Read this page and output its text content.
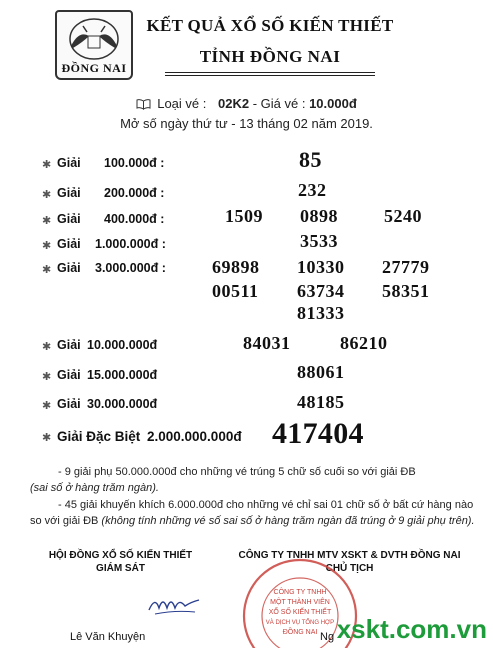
ĐỒNG NAI
KẾT QUẢ XỔ SỐ KIẾN THIẾT
TỈNH ĐỒNG NAI
Loại vé : 02K2 - Giá vé : 10.000đ
Mở số ngày thứ tư - 13 tháng 02 năm 2019.
✱ Giải 100.000đ :	85
✱ Giải 200.000đ :	232
✱ Giải 400.000đ :	1509 0898	5240
✱ Giải 1.000.000đ :	3533
✱ Giải 3.000.000đ :	69898 10330 27779
00511 63734 58351
81333
✱ Giải 10.000.000đ	84031	86210
✱ Giải 15.000.000đ	88061
✱ Giải 30.000.000đ	48185
✱ Giải Đặc Biệt 2.000.000.000đ 417404
- 9 giải phụ 50.000.000đ cho những vé trúng 5 chữ số cuối so với giải ĐB
(sai số ở hàng trăm ngàn).
- 45 giải khuyến khích 6.000.000đ cho những vé chỉ sai 01 chữ số ở bất cứ hàng nào so với giải ĐB (không tính những vé số sai số ở hàng trăm ngàn đã trúng ở 9 giải phụ trên).
HỘI ĐỒNG XỔ SỐ KIẾN THIẾT
GIÁM SÁT
CÔNG TY TNHH MTV XSKT & DVTH ĐỒNG NAI
CHỦ TỊCH
CÔNG TY TNHH
MỘT THÀNH VIÊN
XỔ SỐ KIẾN THIẾT
VÀ DỊCH VỤ TỔNG HỢP
ĐỒNG NAI
Lê Văn Khuyện	Ng xskt.com.vn
